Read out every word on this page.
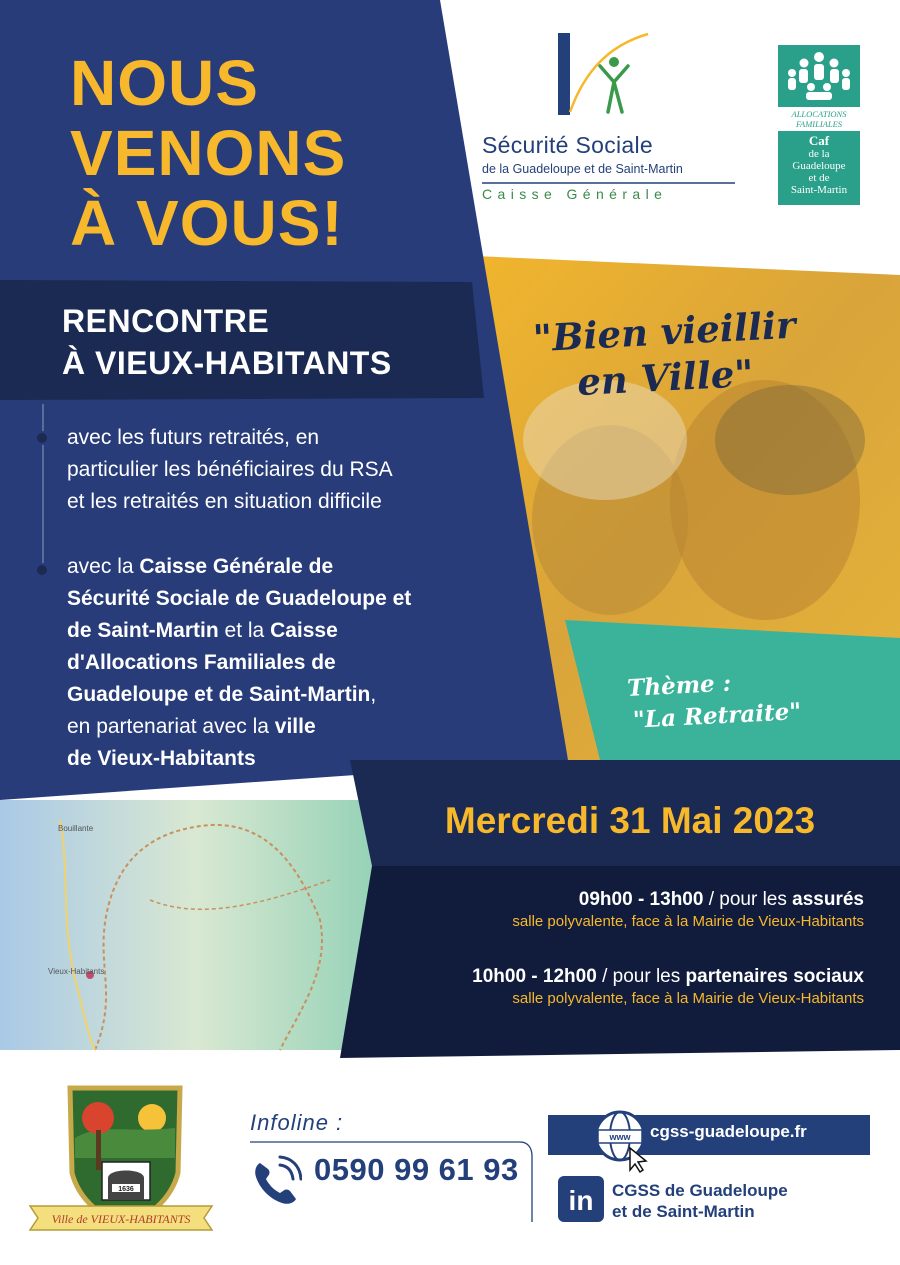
NOUS
VENONS
À VOUS!
RENCONTRE
À VIEUX-HABITANTS
avec les futurs retraités, en
particulier les bénéficiaires du RSA
et les retraités en situation difficile
avec la Caisse Générale de
Sécurité Sociale de Guadeloupe et
de Saint-Martin et la Caisse
d'Allocations Familiales de
Guadeloupe et de Saint-Martin,
en partenariat avec la ville
de Vieux-Habitants
Sécurité Sociale
de la Guadeloupe et de Saint-Martin
Caisse Générale
ALLOCATIONS
FAMILIALES
Caf
de la
Guadeloupe
et de
Saint-Martin
"Bien vieillir
en Ville"
Thème :
"La Retraite"
Mercredi 31 Mai 2023
09h00 - 13h00 / pour les assurés
salle polyvalente, face à la Mairie de Vieux-Habitants
10h00 - 12h00 / pour les partenaires sociaux
salle polyvalente, face à la Mairie de Vieux-Habitants
Bouillante
Vieux-Habitants
1636
Ville de VIEUX-HABITANTS
Infoline :
0590 99 61 93
www cgss-guadeloupe.fr
in CGSS de Guadeloupe
et de Saint-Martin
